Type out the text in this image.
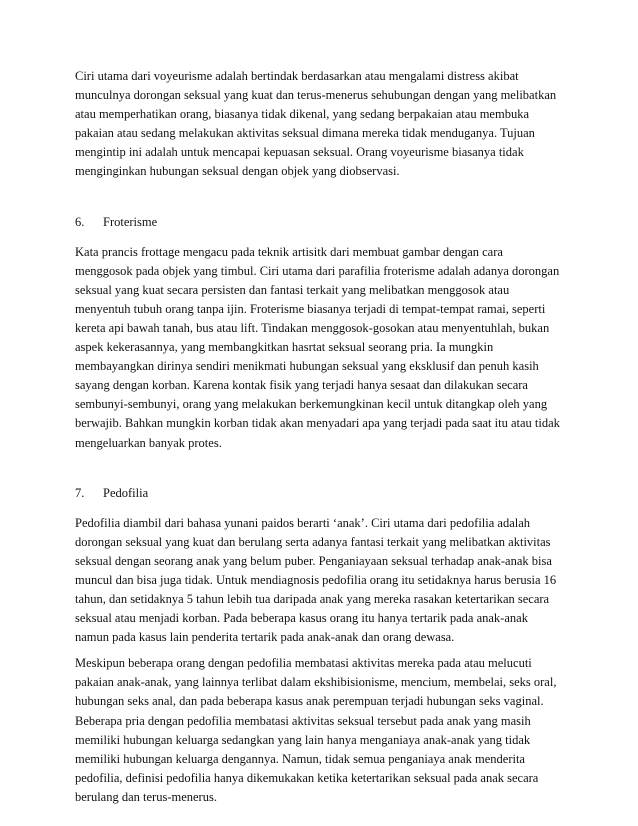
Ciri utama dari voyeurisme adalah bertindak berdasarkan atau mengalami distress akibat
munculnya dorongan seksual yang kuat dan terus-menerus sehubungan dengan yang melibatkan
atau memperhatikan orang, biasanya tidak dikenal, yang sedang berpakaian atau membuka
pakaian atau sedang melakukan aktivitas seksual dimana mereka tidak menduganya. Tujuan
mengintip ini adalah untuk mencapai kepuasan seksual. Orang voyeurisme biasanya tidak
menginginkan hubungan seksual dengan objek yang diobservasi.

6.	Froterisme

Kata prancis frottage mengacu pada teknik artisitk dari membuat gambar dengan cara
menggosok pada objek yang timbul. Ciri utama dari parafilia froterisme adalah adanya dorongan
seksual yang kuat secara persisten dan fantasi terkait yang melibatkan menggosok atau
menyentuh tubuh orang tanpa ijin. Froterisme biasanya terjadi di tempat-tempat ramai, seperti
kereta api bawah tanah, bus atau lift. Tindakan menggosok-gosokan atau menyentuhlah, bukan
aspek kekerasannya, yang membangkitkan hasrtat seksual seorang pria. Ia mungkin
membayangkan dirinya sendiri menikmati hubungan seksual yang eksklusif dan penuh kasih
sayang dengan korban. Karena kontak fisik yang terjadi hanya sesaat dan dilakukan secara
sembunyi-sembunyi, orang yang melakukan berkemungkinan kecil untuk ditangkap oleh yang
berwajib. Bahkan mungkin korban tidak akan menyadari apa yang terjadi pada saat itu atau tidak
mengeluarkan banyak protes.

7.	Pedofilia

Pedofilia diambil dari bahasa yunani paidos berarti ‘anak’. Ciri utama dari pedofilia adalah
dorongan seksual yang kuat dan berulang serta adanya fantasi terkait yang melibatkan aktivitas
seksual dengan seorang anak yang belum puber. Penganiayaan seksual terhadap anak-anak bisa
muncul dan bisa juga tidak. Untuk mendiagnosis pedofilia orang itu setidaknya harus berusia 16
tahun, dan setidaknya 5 tahun lebih tua daripada anak yang mereka rasakan ketertarikan secara
seksual atau menjadi korban. Pada beberapa kasus orang itu hanya tertarik pada anak-anak
namun pada kasus lain penderita tertarik pada anak-anak dan orang dewasa.

Meskipun beberapa orang dengan pedofilia membatasi aktivitas mereka pada atau melucuti
pakaian anak-anak, yang lainnya terlibat dalam ekshibisionisme, mencium, membelai, seks oral,
hubungan seks anal, dan pada beberapa kasus anak perempuan terjadi hubungan seks vaginal.
Beberapa pria dengan pedofilia membatasi aktivitas seksual tersebut pada anak yang masih
memiliki hubungan keluarga sedangkan yang lain hanya menganiaya anak-anak yang tidak
memiliki hubungan keluarga dengannya. Namun, tidak semua penganiaya anak menderita
pedofilia, definisi pedofilia hanya dikemukakan ketika ketertarikan seksual pada anak secara
berulang dan terus-menerus.
